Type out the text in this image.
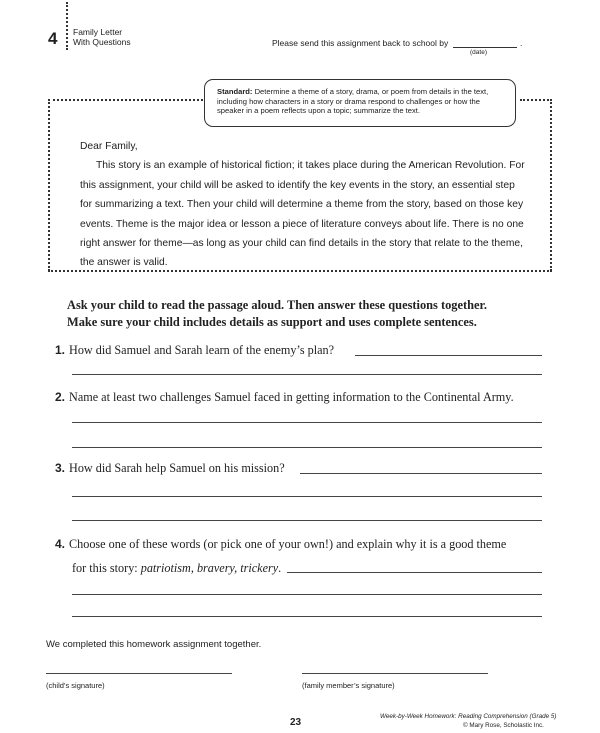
4 Family Letter
With Questions	Please send this assignment back to school by	.
(date)
Standard: Determine a theme of a story, drama, or poem from details in the text, including how characters in a story or drama respond to challenges or how the speaker in a poem reflects upon a topic; summarize the text.

Dear Family,

This story is an example of historical fiction; it takes place during the American Revolution. For this assignment, your child will be asked to identify the key events in the story, an essential step for summarizing a text. Then your child will determine a theme from the story, based on those key events. Theme is the major idea or lesson a piece of literature conveys about life. There is no one right answer for theme—as long as your child can find details in the story that relate to the theme, the answer is valid.

Ask your child to read the passage aloud. Then answer these questions together.
Make sure your child includes details as support and uses complete sentences.
1. How did Samuel and Sarah learn of the enemy’s plan?
2. Name at least two challenges Samuel faced in getting information to the Continental Army.
3. How did Sarah help Samuel on his mission?
4. Choose one of these words (or pick one of your own!) and explain why it is a good theme
for this story: patriotism, bravery, trickery.
We completed this homework assignment together.
(child’s signature)	(family member’s signature)
23
Week-by-Week Homework: Reading Comprehension (Grade 5)
© Mary Rose, Scholastic Inc.
